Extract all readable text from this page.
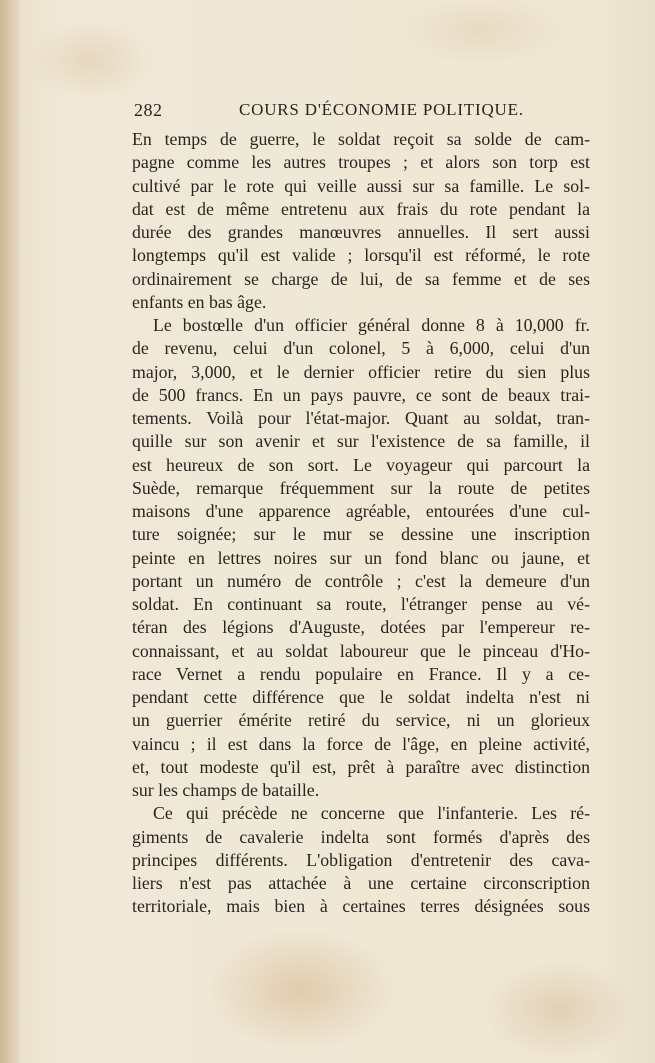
282	COURS D'ÉCONOMIE POLITIQUE.
En temps de guerre, le soldat reçoit sa solde de cam-
pagne comme les autres troupes ; et alors son torp est
cultivé par le rote qui veille aussi sur sa famille. Le sol-
dat est de même entretenu aux frais du rote pendant la
durée des grandes manœuvres annuelles. Il sert aussi
longtemps qu'il est valide ; lorsqu'il est réformé, le rote
ordinairement se charge de lui, de sa femme et de ses
enfants en bas âge.
Le bostœlle d'un officier général donne 8 à 10,000 fr.
de revenu, celui d'un colonel, 5 à 6,000, celui d'un
major, 3,000, et le dernier officier retire du sien plus
de 500 francs. En un pays pauvre, ce sont de beaux trai-
tements. Voilà pour l'état-major. Quant au soldat, tran-
quille sur son avenir et sur l'existence de sa famille, il
est heureux de son sort. Le voyageur qui parcourt la
Suède, remarque fréquemment sur la route de petites
maisons d'une apparence agréable, entourées d'une cul-
ture soignée; sur le mur se dessine une inscription
peinte en lettres noires sur un fond blanc ou jaune, et
portant un numéro de contrôle ; c'est la demeure d'un
soldat. En continuant sa route, l'étranger pense au vé-
téran des légions d'Auguste, dotées par l'empereur re-
connaissant, et au soldat laboureur que le pinceau d'Ho-
race Vernet a rendu populaire en France. Il y a ce-
pendant cette différence que le soldat indelta n'est ni
un guerrier émérite retiré du service, ni un glorieux
vaincu ; il est dans la force de l'âge, en pleine activité,
et, tout modeste qu'il est, prêt à paraître avec distinction
sur les champs de bataille.
Ce qui précède ne concerne que l'infanterie. Les ré-
giments de cavalerie indelta sont formés d'après des
principes différents. L'obligation d'entretenir des cava-
liers n'est pas attachée à une certaine circonscription
territoriale, mais bien à certaines terres désignées sous
